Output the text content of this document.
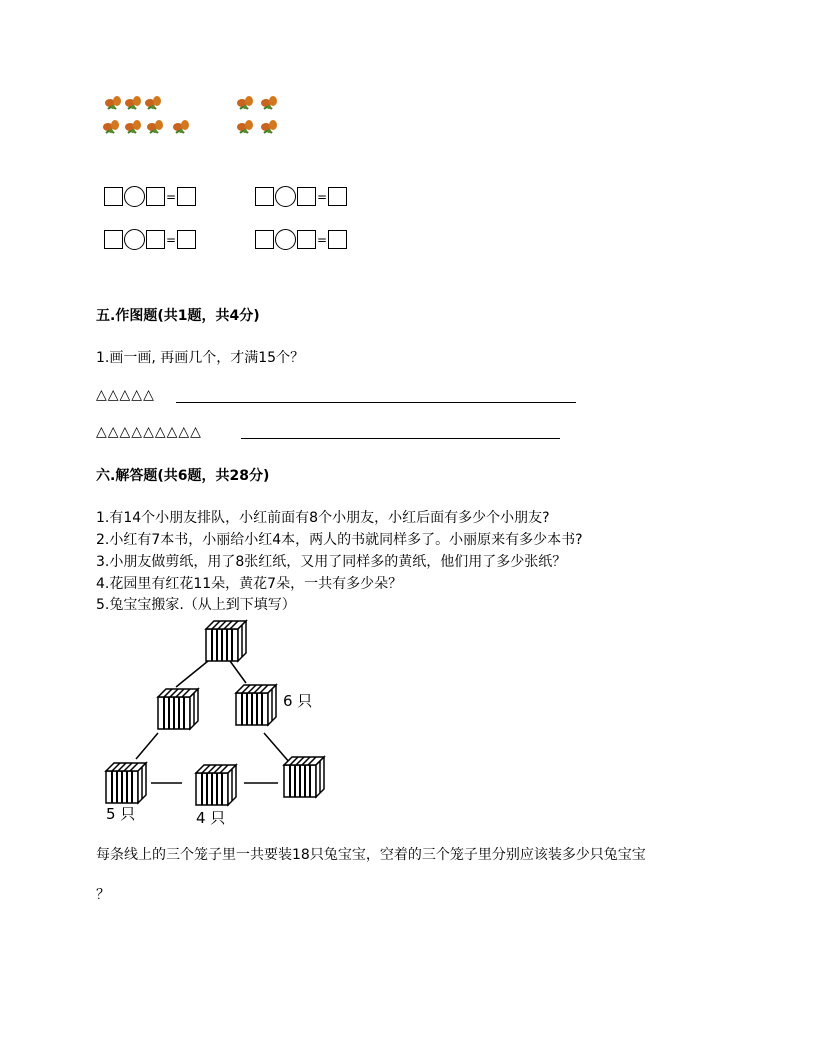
=	=
=	=
五.作图题(共1题，共4分)
1.画一画, 再画几个，才满15个？
△△△△△
△△△△△△△△△
六.解答题(共6题，共28分)
1.有14个小朋友排队，小红前面有8个小朋友，小红后面有多少个小朋友?
2.小红有7本书，小丽给小红4本，两人的书就同样多了。小丽原来有多少本书?
3.小朋友做剪纸，用了8张红纸，又用了同样多的黄纸，他们用了多少张纸？
4.花园里有红花11朵，黄花7朵，一共有多少朵？
5.兔宝宝搬家.（从上到下填写）
6 只
5 只	4 只
每条线上的三个笼子里一共要装18只兔宝宝，空着的三个笼子里分别应该装多少只兔宝宝
？
